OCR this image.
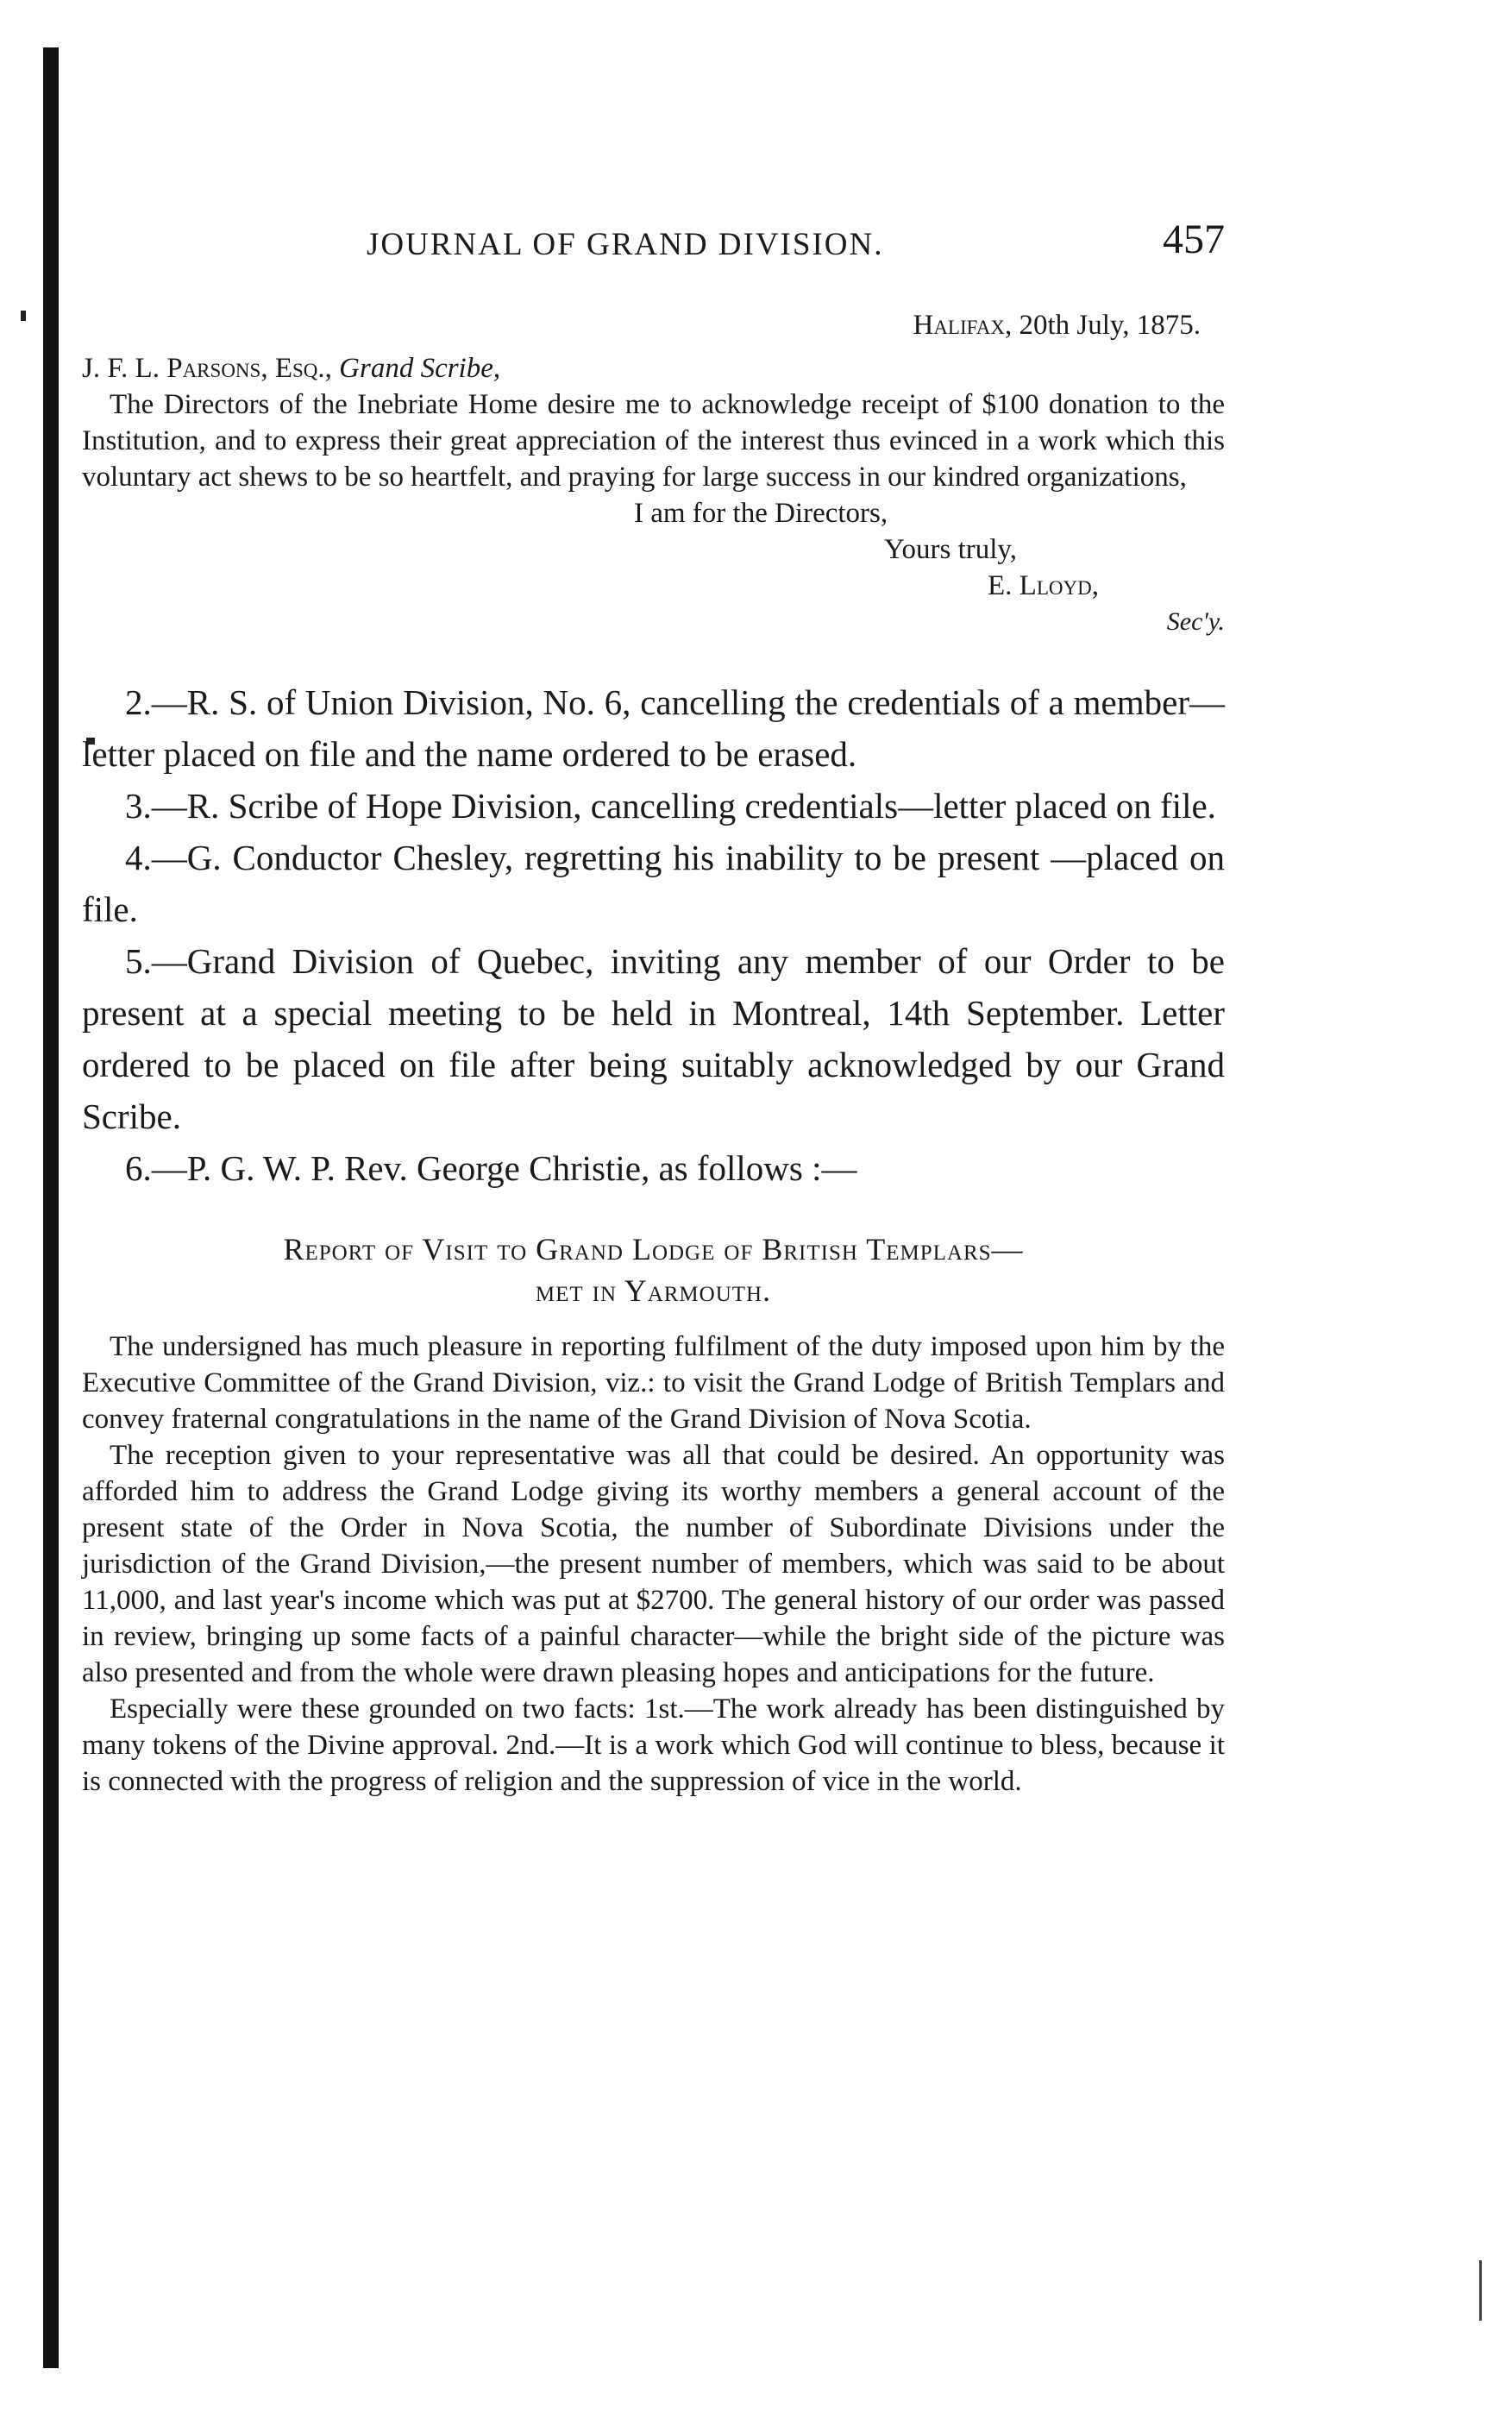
JOURNAL OF GRAND DIVISION.	457
Halifax, 20th July, 1875.
J. F. L. Parsons, Esq., Grand Scribe,

The Directors of the Inebriate Home desire me to acknowledge receipt of $100 donation to the Institution, and to express their great appreciation of the interest thus evinced in a work which this voluntary act shews to be so heartfelt, and praying for large success in our kindred organizations,

I am for the Directors,
Yours truly,
E. Lloyd,
Sec'y.

2.—R. S. of Union Division, No. 6, cancelling the credentials of a member—letter placed on file and the name ordered to be erased.

3.—R. Scribe of Hope Division, cancelling credentials—letter placed on file.

4.—G. Conductor Chesley, regretting his inability to be present —placed on file.

5.—Grand Division of Quebec, inviting any member of our Order to be present at a special meeting to be held in Montreal, 14th September. Letter ordered to be placed on file after being suitably acknowledged by our Grand Scribe.

6.—P. G. W. P. Rev. George Christie, as follows :—

Report of Visit to Grand Lodge of British Templars—
met in Yarmouth.

The undersigned has much pleasure in reporting fulfilment of the duty imposed upon him by the Executive Committee of the Grand Division, viz.: to visit the Grand Lodge of British Templars and convey fraternal congratulations in the name of the Grand Division of Nova Scotia.

The reception given to your representative was all that could be desired. An opportunity was afforded him to address the Grand Lodge giving its worthy members a general account of the present state of the Order in Nova Scotia, the number of Subordinate Divisions under the jurisdiction of the Grand Division,—the present number of members, which was said to be about 11,000, and last year's income which was put at $2700. The general history of our order was passed in review, bringing up some facts of a painful character—while the bright side of the picture was also presented and from the whole were drawn pleasing hopes and anticipations for the future.

Especially were these grounded on two facts: 1st.—The work already has been distinguished by many tokens of the Divine approval. 2nd.—It is a work which God will continue to bless, because it is connected with the progress of religion and the suppression of vice in the world.
